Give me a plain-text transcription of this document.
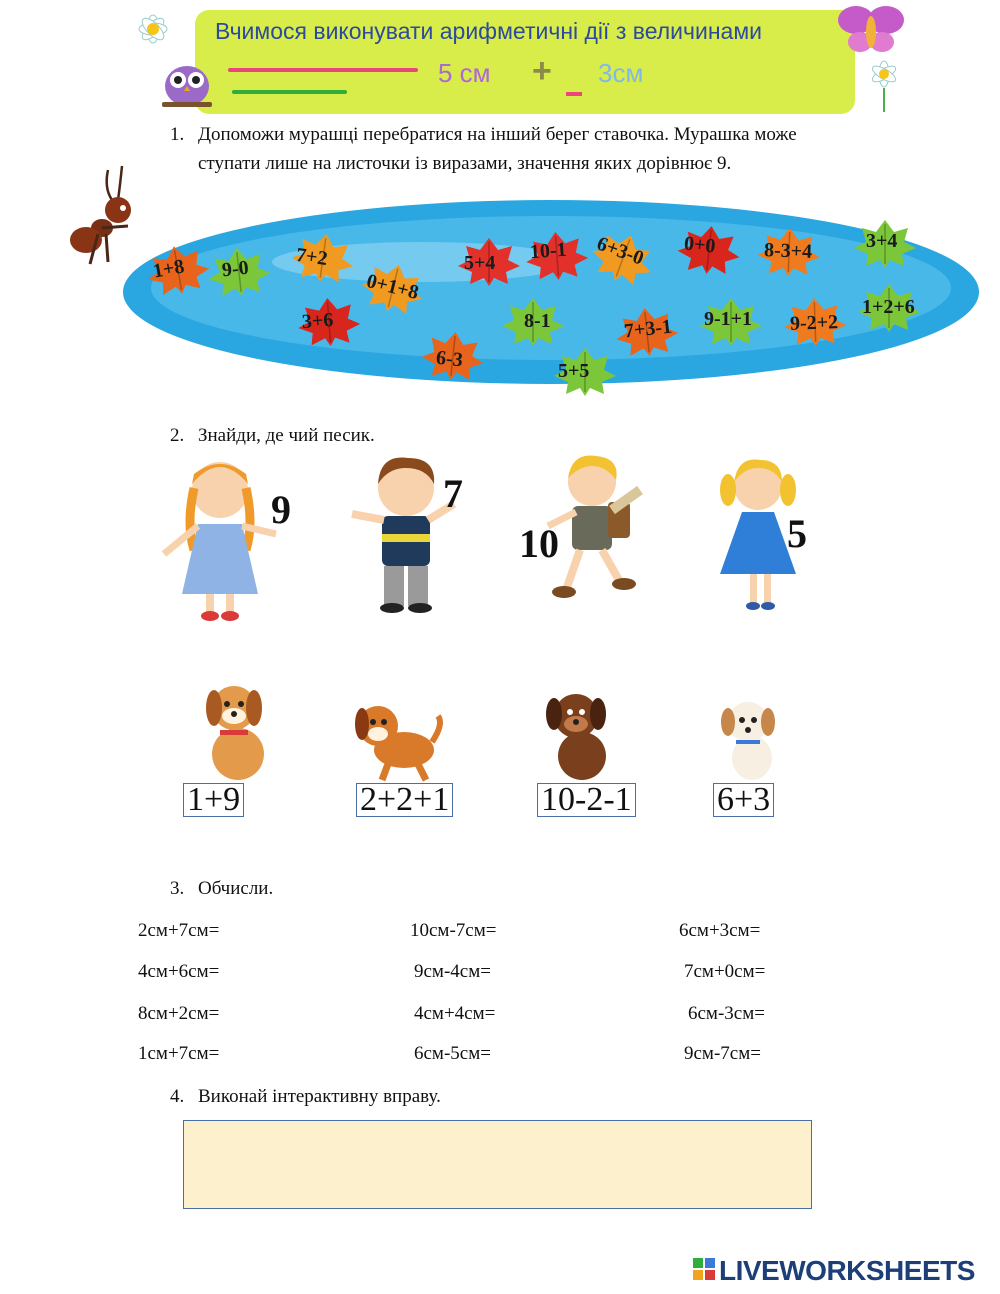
Вчимося виконувати арифметичні дії з величинами
5 см + 3см
1. Допоможи мурашці перебратися на інший берег ставочка. Мурашка може
ступати лише на листочки із виразами, значення яких дорівнює 9.
1+8 9-0 7+2
0+1+8
3+6
5+4
6-3
10-1
8-1
5+5
6+3-0
7+3-1
0+0
9-1+1
8-3+4
9-2+2
3+4
1+2+6
2. Знайди, де чий песик.
9	7
10	5
1+9	2+2+1	10-2-1	6+3
3. Обчисли.
2см+7см=	10см-7см=	6см+3см=
4см+6см=	9см-4см=	7см+0см=
8см+2см=	4см+4см=	6см-3см=
1см+7см=	6см-5см=	9см-7см=
4. Виконай інтерактивну вправу.
LIVEWORKSHEETS
